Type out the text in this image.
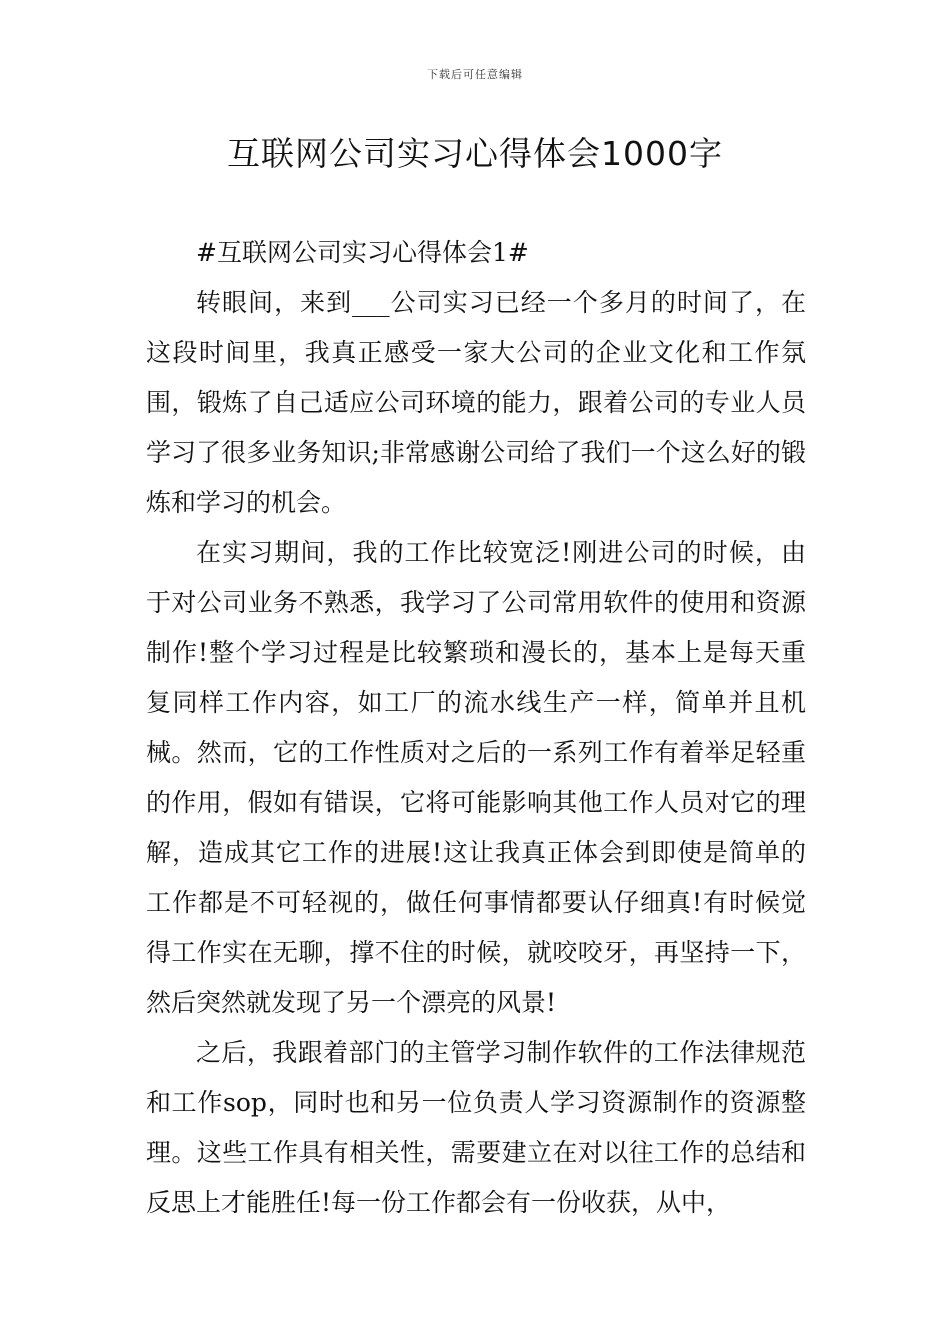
下载后可任意编辑
互联网公司实习心得体会1000字

#互联网公司实习心得体会1#

转眼间，来到___公司实习已经一个多月的时间了，在这段时间里，我真正感受一家大公司的企业文化和工作氛围，锻炼了自己适应公司环境的能力，跟着公司的专业人员学习了很多业务知识;非常感谢公司给了我们一个这么好的锻炼和学习的机会。

在实习期间，我的工作比较宽泛!刚进公司的时候，由于对公司业务不熟悉，我学习了公司常用软件的使用和资源制作!整个学习过程是比较繁琐和漫长的，基本上是每天重复同样工作内容，如工厂的流水线生产一样，简单并且机械。然而，它的工作性质对之后的一系列工作有着举足轻重的作用，假如有错误，它将可能影响其他工作人员对它的理解，造成其它工作的进展!这让我真正体会到即使是简单的工作都是不可轻视的，做任何事情都要认仔细真!有时候觉得工作实在无聊，撑不住的时候，就咬咬牙，再坚持一下，然后突然就发现了另一个漂亮的风景!

之后，我跟着部门的主管学习制作软件的工作法律规范和工作sop，同时也和另一位负责人学习资源制作的资源整理。这些工作具有相关性，需要建立在对以往工作的总结和反思上才能胜任!每一份工作都会有一份收获，从中，
